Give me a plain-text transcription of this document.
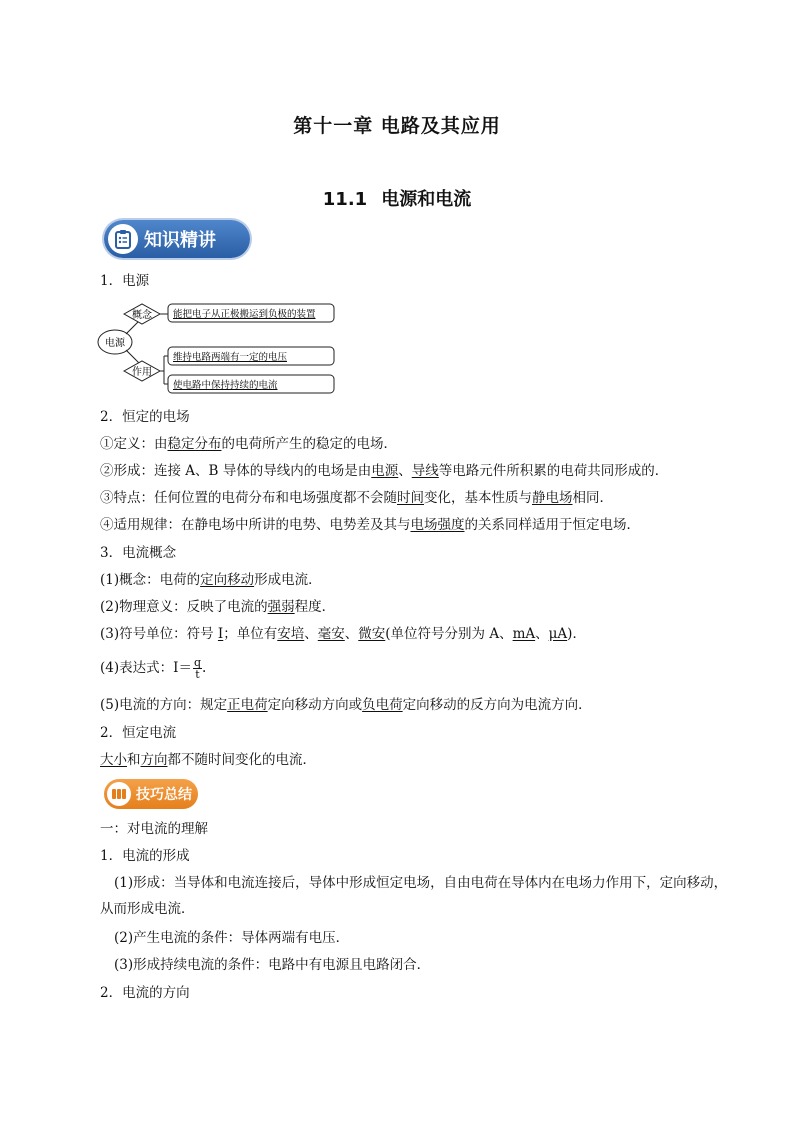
第十一章 电路及其应用
11.1 电源和电流
知识精讲
1．电源
电源
概念
作用
能把电子从正极搬运到负极的装置
维持电路两端有一定的电压
使电路中保持持续的电流
2．恒定的电场
①定义：由稳定分布的电荷所产生的稳定的电场．
②形成：连接 A、B 导体的导线内的电场是由电源、导线等电路元件所积累的电荷共同形成的．
③特点：任何位置的电荷分布和电场强度都不会随时间变化，基本性质与静电场相同．
④适用规律：在静电场中所讲的电势、电势差及其与电场强度的关系同样适用于恒定电场．
3．电流概念
(1)概念：电荷的定向移动形成电流．
(2)物理意义：反映了电流的强弱程度．
(3)符号单位：符号 I；单位有安培、毫安、微安(单位符号分别为 A、mA、μA)．
(4)表达式：$I= \frac{q}{t}$ .
(5)电流的方向：规定正电荷定向移动方向或负电荷定向移动的反方向为电流方向．
2．恒定电流
大小和方向都不随时间变化的电流．
技巧总结
一：对电流的理解
1．电流的形成
(1)形成：当导体和电流连接后，导体中形成恒定电场，自由电荷在导体内在电场力作用下，定向移动，从而形成电流．
(2)产生电流的条件：导体两端有电压．
(3)形成持续电流的条件：电路中有电源且电路闭合．
2．电流的方向
